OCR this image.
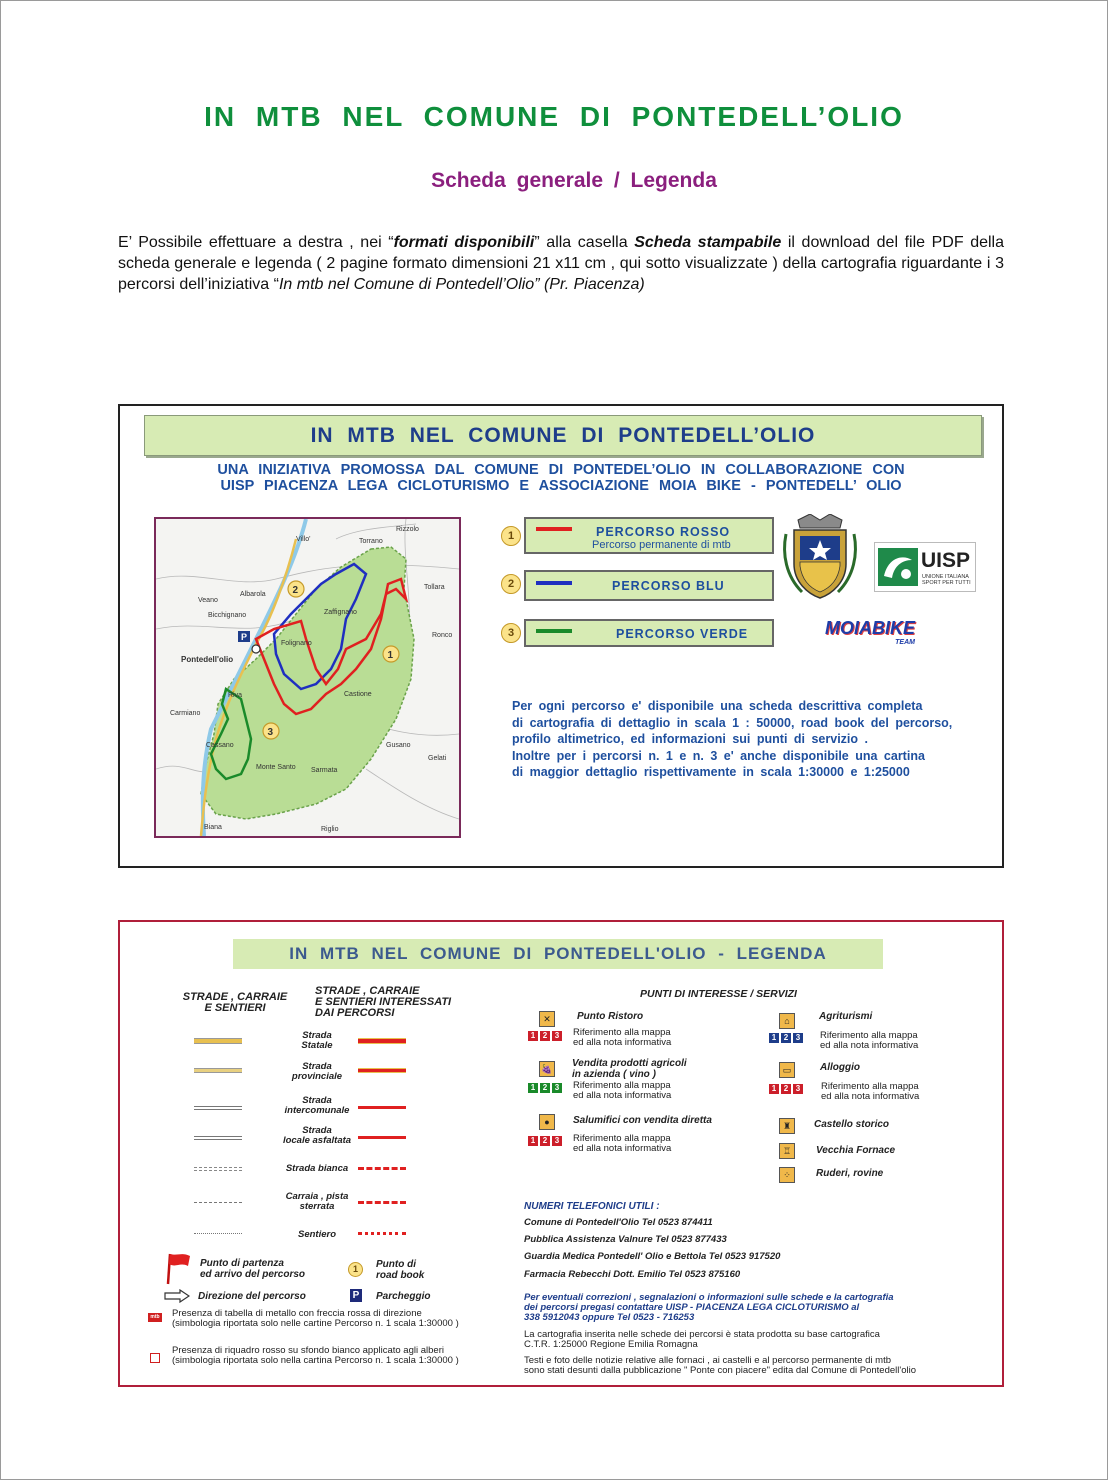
IN MTB NEL COMUNE DI PONTEDELL’OLIO
Scheda generale / Legenda
E’ Possibile effettuare a destra , nei “formati disponibili” alla casella Scheda stampabile il download del file PDF della scheda generale e legenda ( 2 pagine formato dimensioni 21 x11 cm , qui sotto visualizzate ) della cartografia riguardante i 3 percorsi dell’iniziativa “In mtb nel Comune di Pontedell’Olio” (Pr. Piacenza)
IN MTB NEL COMUNE DI PONTEDELL’OLIO
UNA INIZIATIVA PROMOSSA DAL COMUNE DI PONTEDEL’OLIO IN COLLABORAZIONE CON
UISP PIACENZA LEGA CICLOTURISMO E ASSOCIAZIONE MOIA BIKE - PONTEDELL’ OLIO
P
2
1
3
Rizzolo
Villo'	Torrano
Albarola
Tollara
Veano
Zaffignano
Bicchignano
Ronco
Folignano
Pontedell'olio
Riva	Castione
Carmiano
Cassano	Gusano
Gelati
Monte Santo Sarmata
Biana	Riglio
1	PERCORSO ROSSO
Percorso permanente di mtb
2	PERCORSO BLU
3	PERCORSO VERDE
UISP
UNIONE ITALIANA
SPORT PER TUTTI
MOIABIKE
TEAM
Per ogni percorso e' disponibile una scheda descrittiva completa
di cartografia di dettaglio in scala 1 : 50000, road book del percorso,
profilo altimetrico, ed informazioni sui punti di servizio .
Inoltre per i percorsi n. 1 e n. 3 e' anche disponibile una cartina
di maggior dettaglio rispettivamente in scala 1:30000 e 1:25000
IN MTB NEL COMUNE DI PONTEDELL'OLIO - LEGENDA
STRADE , CARRAIE
E SENTIERI
STRADE , CARRAIE
E SENTIERI INTERESSATI
DAI PERCORSI
Strada
Statale
Strada
provinciale
Strada
intercomunale
Strada
locale asfaltata
Strada bianca
Carraia , pista
sterrata
Sentiero
Punto di partenza
ed arrivo del percorso	1	Punto di
road book
Direzione del percorso	P Parcheggio
mtb Presenza di tabella di metallo con freccia rossa di direzione
(simbologia riportata solo nelle cartine Percorso n. 1 scala 1:30000 )
Presenza di riquadro rosso su sfondo bianco applicato agli alberi
(simbologia riportata solo nella cartina Percorso n. 1 scala 1:30000 )
PUNTI DI INTERESSE / SERVIZI
✕	Punto Ristoro
1 2 3 Riferimento alla mappa
ed alla nota informativa
⌂	Agriturismi
1 2 3 Riferimento alla mappa
ed alla nota informativa
🍇 Vendita prodotti agricoli
in azienda ( vino )
1 2 3 Riferimento alla mappa
ed alla nota informativa
▭	Alloggio
1 2 3 Riferimento alla mappa
ed alla nota informativa
●	Salumifici con vendita diretta
1 2 3 Riferimento alla mappa
ed alla nota informativa
♜	Castello storico
♖	Vecchia Fornace
⁘	Ruderi, rovine
NUMERI TELEFONICI UTILI :
Comune di Pontedell'Olio Tel 0523 874411
Pubblica Assistenza Valnure Tel 0523 877433
Guardia Medica Pontedell' Olio e Bettola Tel 0523 917520
Farmacia Rebecchi Dott. Emilio Tel 0523 875160
Per eventuali correzioni , segnalazioni o informazioni sulle schede e la cartografia
dei percorsi pregasi contattare UISP - PIACENZA LEGA CICLOTURISMO al
338 5912043 oppure Tel 0523 - 716253
La cartografia inserita nelle schede dei percorsi è stata prodotta su base cartografica
C.T.R. 1:25000 Regione Emilia Romagna
Testi e foto delle notizie relative alle fornaci , ai castelli e al percorso permanente di mtb
sono stati desunti dalla pubblicazione " Ponte con piacere" edita dal Comune di Pontedell'olio
